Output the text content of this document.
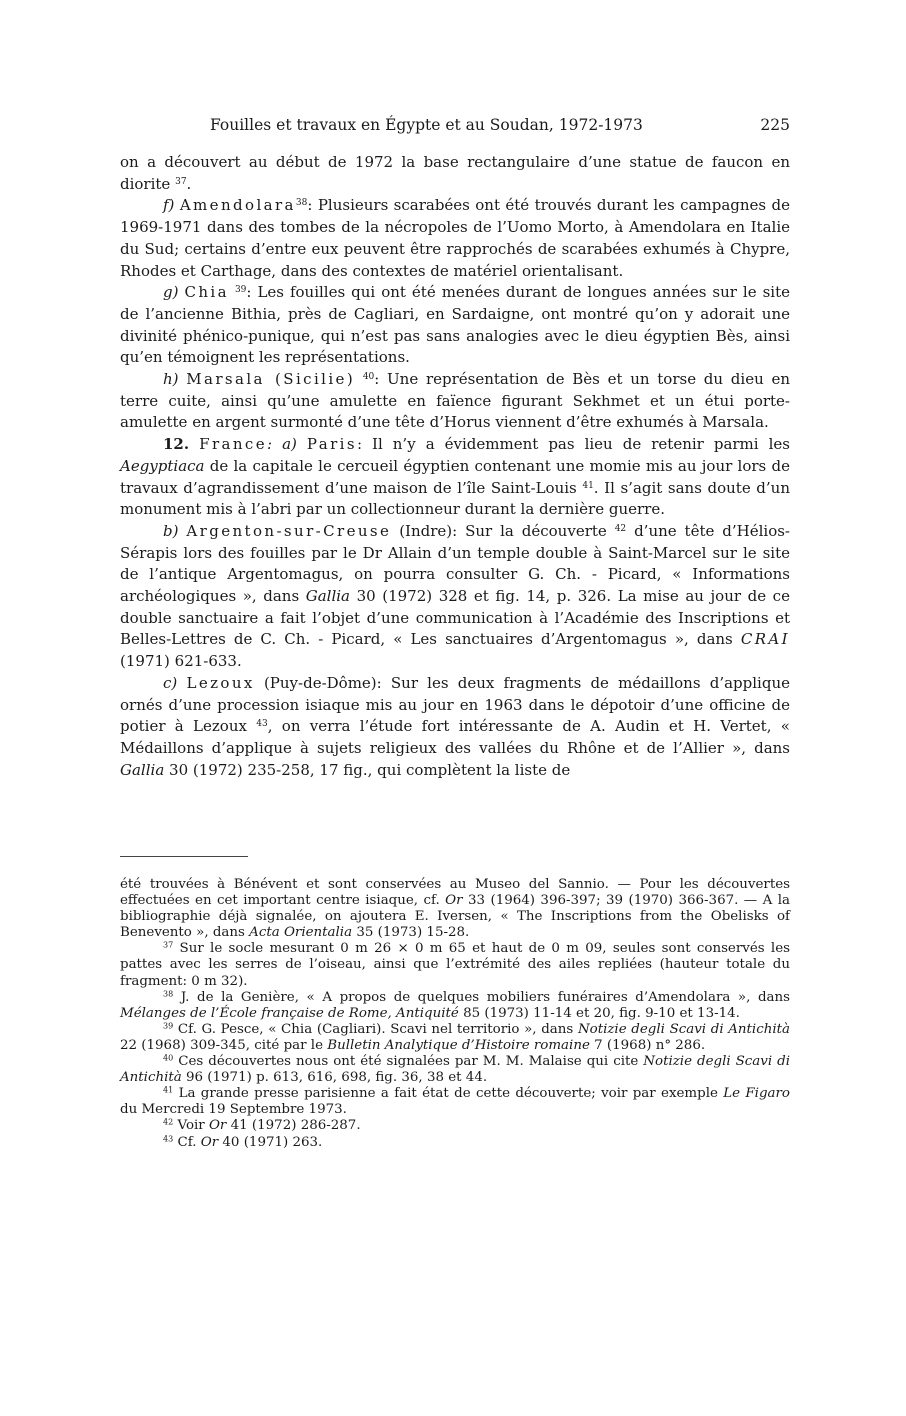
Fouilles et travaux en Égypte et au Soudan, 1972-1973	225

on a découvert au début de 1972 la base rectangulaire d’une statue de faucon en diorite $^{37}$.

f) Amendolara$^{38}$: Plusieurs scarabées ont été trouvés durant les campagnes de 1969-1971 dans des tombes de la nécropoles de l’Uomo Morto, à Amendolara en Italie du Sud; certains d’entre eux peuvent être rapprochés de scarabées exhumés à Chypre, Rhodes et Carthage, dans des contextes de matériel orientalisant.

g) Chia $^{39}$: Les fouilles qui ont été menées durant de longues années sur le site de l’ancienne Bithia, près de Cagliari, en Sardaigne, ont montré qu’on y adorait une divinité phénico-punique, qui n’est pas sans analogies avec le dieu égyptien Bès, ainsi qu’en témoignent les représentations.

h) Marsala (Sicilie) $^{40}$: Une représentation de Bès et un torse du dieu en terre cuite, ainsi qu’une amulette en faïence figurant Sekhmet et un étui porte-amulette en argent surmonté d’une tête d’Horus viennent d’être exhumés à Marsala.

12. France: a) Paris: Il n’y a évidemment pas lieu de retenir parmi les Aegyptiaca de la capitale le cercueil égyptien contenant une momie mis au jour lors de travaux d’agrandissement d’une maison de l’île Saint-Louis $^{41}$. Il s’agit sans doute d’un monument mis à l’abri par un collectionneur durant la dernière guerre.

b) Argenton-sur-Creuse (Indre): Sur la découverte $^{42}$ d’une tête d’Hélios-Sérapis lors des fouilles par le Dr Allain d’un temple double à Saint-Marcel sur le site de l’antique Argentomagus, on pourra consulter G. Ch. - Picard, « Informations archéologiques », dans Gallia 30 (1972) 328 et fig. 14, p. 326. La mise au jour de ce double sanctuaire a fait l’objet d’une communication à l’Académie des Inscriptions et Belles-Lettres de C. Ch. - Picard, « Les sanctuaires d’Argentomagus », dans CRAI (1971) 621-633.

c) Lezoux (Puy-de-Dôme): Sur les deux fragments de médaillons d’applique ornés d’une procession isiaque mis au jour en 1963 dans le dépotoir d’une officine de potier à Lezoux $^{43}$, on verra l’étude fort intéressante de A. Audin et H. Vertet, « Médaillons d’applique à sujets religieux des vallées du Rhône et de l’Allier », dans Gallia 30 (1972) 235-258, 17 fig., qui complètent la liste de

été trouvées à Bénévent et sont conservées au Museo del Sannio. — Pour les découvertes effectuées en cet important centre isiaque, cf. Or 33 (1964) 396-397; 39 (1970) 366-367. — A la bibliographie déjà signalée, on ajoutera E. Iversen, « The Inscriptions from the Obelisks of Benevento », dans Acta Orientalia 35 (1973) 15-28.

$^{37}$ Sur le socle mesurant 0 m 26 × 0 m 65 et haut de 0 m 09, seules sont conservés les pattes avec les serres de l’oiseau, ainsi que l’extrémité des ailes repliées (hauteur totale du fragment: 0 m 32).

$^{38}$ J. de la Genière, « A propos de quelques mobiliers funéraires d’Amendolara », dans Mélanges de l’École française de Rome, Antiquité 85 (1973) 11-14 et 20, fig. 9-10 et 13-14.

$^{39}$ Cf. G. Pesce, « Chia (Cagliari). Scavi nel territorio », dans Notizie degli Scavi di Antichità 22 (1968) 309-345, cité par le Bulletin Analytique d’Histoire romaine 7 (1968) n° 286.

$^{40}$ Ces découvertes nous ont été signalées par M. M. Malaise qui cite Notizie degli Scavi di Antichità 96 (1971) p. 613, 616, 698, fig. 36, 38 et 44.

$^{41}$ La grande presse parisienne a fait état de cette découverte; voir par exemple Le Figaro du Mercredi 19 Septembre 1973.

$^{42}$ Voir Or 41 (1972) 286-287.

$^{43}$ Cf. Or 40 (1971) 263.
